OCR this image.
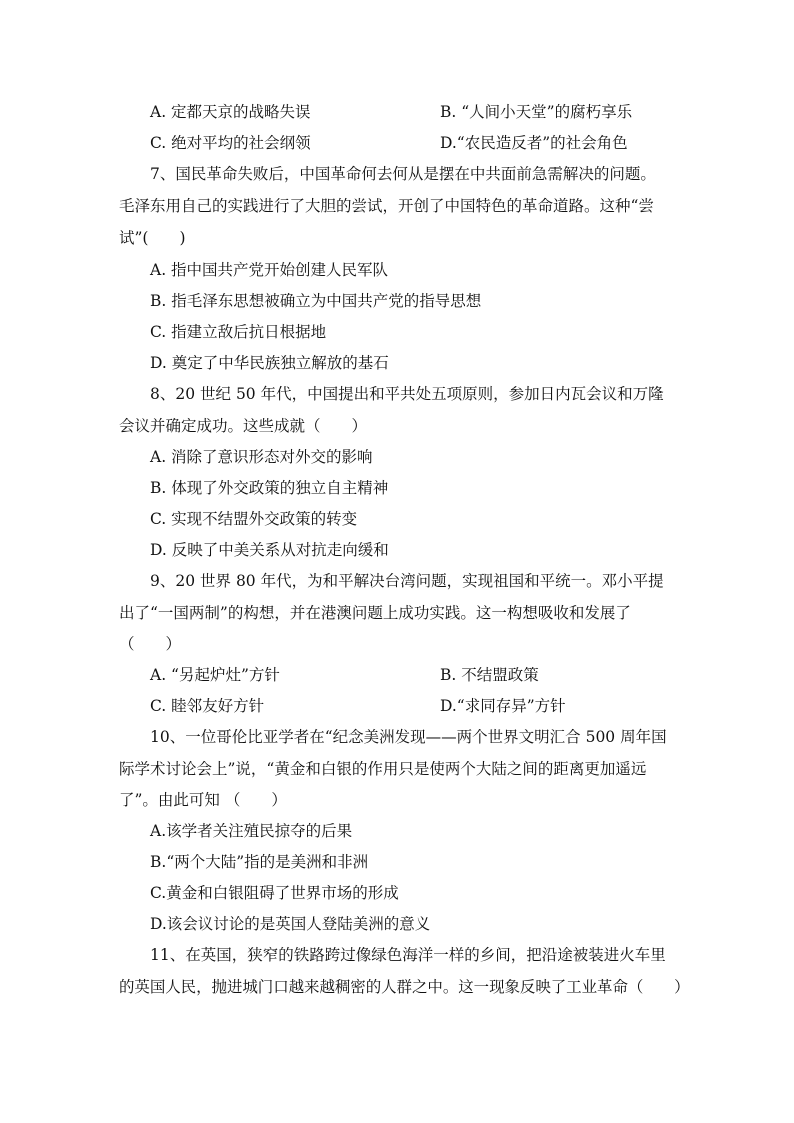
A. 定都天京的战略失误	B. “人间小天堂”的腐朽享乐
C. 绝对平均的社会纲领	D.“农民造反者”的社会角色
7、国民革命失败后，中国革命何去何从是摆在中共面前急需解决的问题。
毛泽东用自己的实践进行了大胆的尝试，开创了中国特色的革命道路。这种“尝
试”(　　)
A. 指中国共产党开始创建人民军队
B. 指毛泽东思想被确立为中国共产党的指导思想
C. 指建立敌后抗日根据地
D. 奠定了中华民族独立解放的基石
8、20 世纪 50 年代，中国提出和平共处五项原则，参加日内瓦会议和万隆
会议并确定成功。这些成就（　　）
A. 消除了意识形态对外交的影响
B. 体现了外交政策的独立自主精神
C. 实现不结盟外交政策的转变
D. 反映了中美关系从对抗走向缓和
9、20 世界 80 年代，为和平解决台湾问题，实现祖国和平统一。邓小平提
出了“一国两制”的构想，并在港澳问题上成功实践。这一构想吸收和发展了
（　　）
A. “另起炉灶”方针	B. 不结盟政策
C. 睦邻友好方针	D.“求同存异”方针
10、一位哥伦比亚学者在“纪念美洲发现——两个世界文明汇合 500 周年国
际学术讨论会上”说，“黄金和白银的作用只是使两个大陆之间的距离更加遥远
了”。由此可知 （　　）
A.该学者关注殖民掠夺的后果
B.“两个大陆”指的是美洲和非洲
C.黄金和白银阻碍了世界市场的形成
D.该会议讨论的是英国人登陆美洲的意义
11、在英国，狭窄的铁路跨过像绿色海洋一样的乡间，把沿途被装进火车里
的英国人民，抛进城门口越来越稠密的人群之中。这一现象反映了工业革命（　　）
